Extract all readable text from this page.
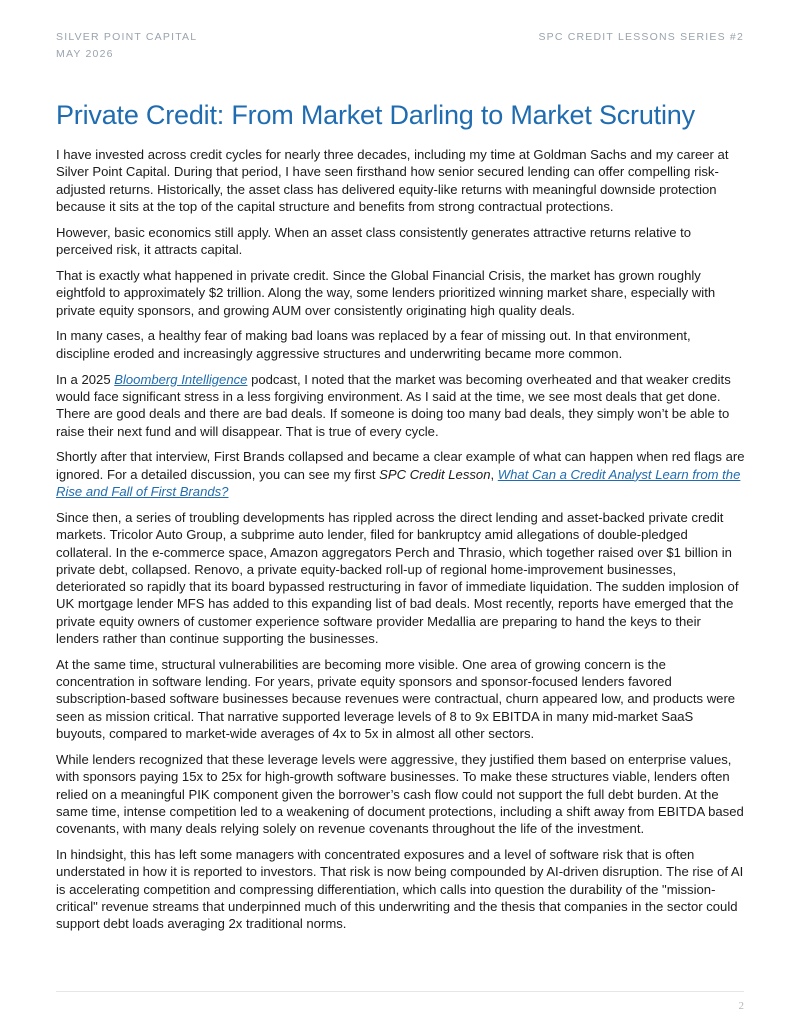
SILVER POINT CAPITAL
MAY 2026
SPC CREDIT LESSONS SERIES #2
Private Credit: From Market Darling to Market Scrutiny

I have invested across credit cycles for nearly three decades, including my time at Goldman Sachs and my career at Silver Point Capital. During that period, I have seen firsthand how senior secured lending can offer compelling risk-adjusted returns. Historically, the asset class has delivered equity-like returns with meaningful downside protection because it sits at the top of the capital structure and benefits from strong contractual protections.

However, basic economics still apply. When an asset class consistently generates attractive returns relative to perceived risk, it attracts capital.

That is exactly what happened in private credit. Since the Global Financial Crisis, the market has grown roughly eightfold to approximately $2 trillion. Along the way, some lenders prioritized winning market share, especially with private equity sponsors, and growing AUM over consistently originating high quality deals.

In many cases, a healthy fear of making bad loans was replaced by a fear of missing out. In that environment, discipline eroded and increasingly aggressive structures and underwriting became more common.

In a 2025 Bloomberg Intelligence podcast, I noted that the market was becoming overheated and that weaker credits would face significant stress in a less forgiving environment. As I said at the time, we see most deals that get done. There are good deals and there are bad deals. If someone is doing too many bad deals, they simply won’t be able to raise their next fund and will disappear. That is true of every cycle.

Shortly after that interview, First Brands collapsed and became a clear example of what can happen when red flags are ignored. For a detailed discussion, you can see my first SPC Credit Lesson, What Can a Credit Analyst Learn from the Rise and Fall of First Brands?

Since then, a series of troubling developments has rippled across the direct lending and asset-backed private credit markets. Tricolor Auto Group, a subprime auto lender, filed for bankruptcy amid allegations of double-pledged collateral. In the e-commerce space, Amazon aggregators Perch and Thrasio, which together raised over $1 billion in private debt, collapsed. Renovo, a private equity-backed roll-up of regional home-improvement businesses, deteriorated so rapidly that its board bypassed restructuring in favor of immediate liquidation. The sudden implosion of UK mortgage lender MFS has added to this expanding list of bad deals. Most recently, reports have emerged that the private equity owners of customer experience software provider Medallia are preparing to hand the keys to their lenders rather than continue supporting the businesses.

At the same time, structural vulnerabilities are becoming more visible. One area of growing concern is the concentration in software lending. For years, private equity sponsors and sponsor-focused lenders favored subscription-based software businesses because revenues were contractual, churn appeared low, and products were seen as mission critical. That narrative supported leverage levels of 8 to 9x EBITDA in many mid-market SaaS buyouts, compared to market-wide averages of 4x to 5x in almost all other sectors.

While lenders recognized that these leverage levels were aggressive, they justified them based on enterprise values, with sponsors paying 15x to 25x for high-growth software businesses. To make these structures viable, lenders often relied on a meaningful PIK component given the borrower’s cash flow could not support the full debt burden. At the same time, intense competition led to a weakening of document protections, including a shift away from EBITDA based covenants, with many deals relying solely on revenue covenants throughout the life of the investment.

In hindsight, this has left some managers with concentrated exposures and a level of software risk that is often understated in how it is reported to investors. That risk is now being compounded by AI-driven disruption. The rise of AI is accelerating competition and compressing differentiation, which calls into question the durability of the "mission-critical" revenue streams that underpinned much of this underwriting and the thesis that companies in the sector could support debt loads averaging 2x traditional norms.

2
